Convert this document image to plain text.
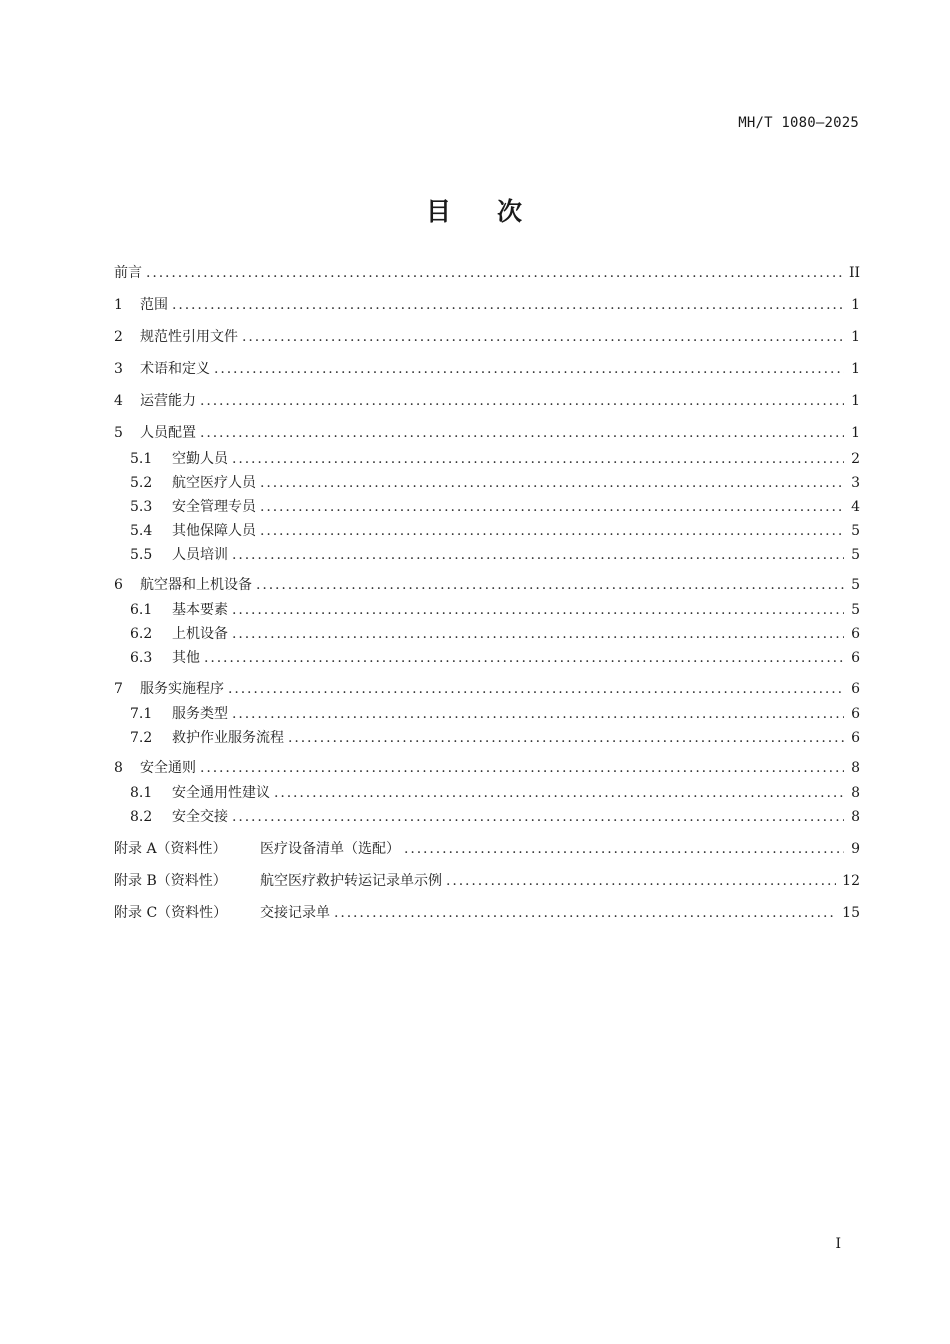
MH/T 1080—2025
目 次
前言 .....	II
1	范围 .....	1
2	规范性引用文件 .....	1
3	术语和定义 .....	1
4	运营能力 .....	1
5	人员配置 .....	1
5.1	空勤人员 .....	2
5.2	航空医疗人员 .....	3
5.3	安全管理专员 .....	4
5.4	其他保障人员 .....	5
5.5	人员培训 .....	5
6	航空器和上机设备 .....	5
6.1	基本要素 .....	5
6.2	上机设备 .....	6
6.3	其他 .....	6
7	服务实施程序 .....	6
7.1	服务类型 .....	6
7.2	救护作业服务流程 .....	6
8	安全通则 .....	8
8.1	安全通用性建议 .....	8
8.2	安全交接 .....	8
附录 A（资料性）	医疗设备清单（选配） .....	9
附录 B（资料性）	航空医疗救护转运记录单示例 .....	12
附录 C（资料性）	交接记录单 .....	15
I
